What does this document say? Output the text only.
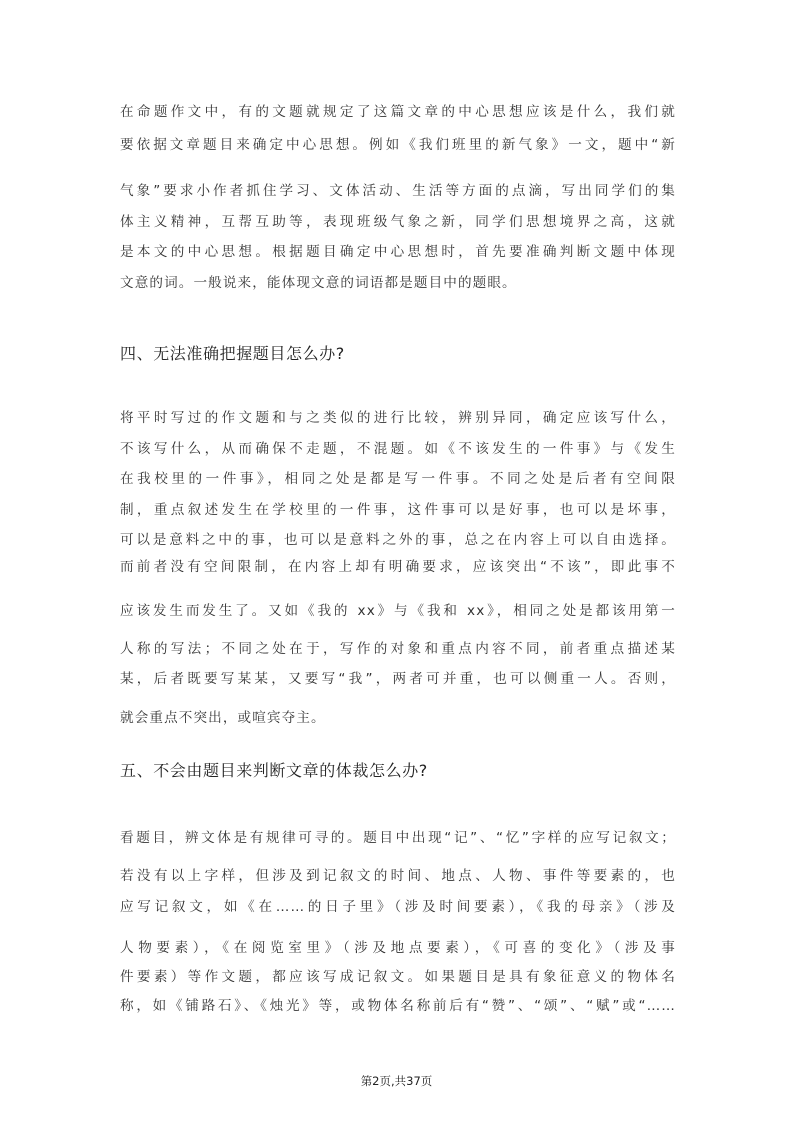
在命题作文中，有的文题就规定了这篇文章的中心思想应该是什么，我们就
要依据文章题目来确定中心思想。例如《我们班里的新气象》一文，题中“新
气象”要求小作者抓住学习、文体活动、生活等方面的点滴，写出同学们的集
体主义精神，互帮互助等，表现班级气象之新，同学们思想境界之高，这就
是本文的中心思想。根据题目确定中心思想时，首先要准确判断文题中体现
文意的词。一般说来，能体现文意的词语都是题目中的题眼。
四、无法准确把握题目怎么办?
将平时写过的作文题和与之类似的进行比较，辨别异同，确定应该写什么，
不该写什么，从而确保不走题，不混题。如《不该发生的一件事》与《发生
在我校里的一件事》，相同之处是都是写一件事。不同之处是后者有空间限
制，重点叙述发生在学校里的一件事，这件事可以是好事，也可以是坏事，
可以是意料之中的事，也可以是意料之外的事，总之在内容上可以自由选择。
而前者没有空间限制，在内容上却有明确要求，应该突出“不该”，即此事不
应该发生而发生了。又如《我的 xx》与《我和 xx》，相同之处是都该用第一
人称的写法；不同之处在于，写作的对象和重点内容不同，前者重点描述某
某，后者既要写某某，又要写“我”，两者可并重，也可以侧重一人。否则，
就会重点不突出，或喧宾夺主。
五、不会由题目来判断文章的体裁怎么办?
看题目，辨文体是有规律可寻的。题目中出现“记”、“忆”字样的应写记叙文；
若没有以上字样，但涉及到记叙文的时间、地点、人物、事件等要素的，也
应写记叙文，如《在……的日子里》（涉及时间要素），《我的母亲》（涉及
人物要素），《在阅览室里》（涉及地点要素），《可喜的变化》（涉及事
件要素）等作文题，都应该写成记叙文。如果题目是具有象征意义的物体名
称，如《铺路石》、《烛光》等，或物体名称前后有“赞”、“颂”、“赋”或“……
第2页,共37页
